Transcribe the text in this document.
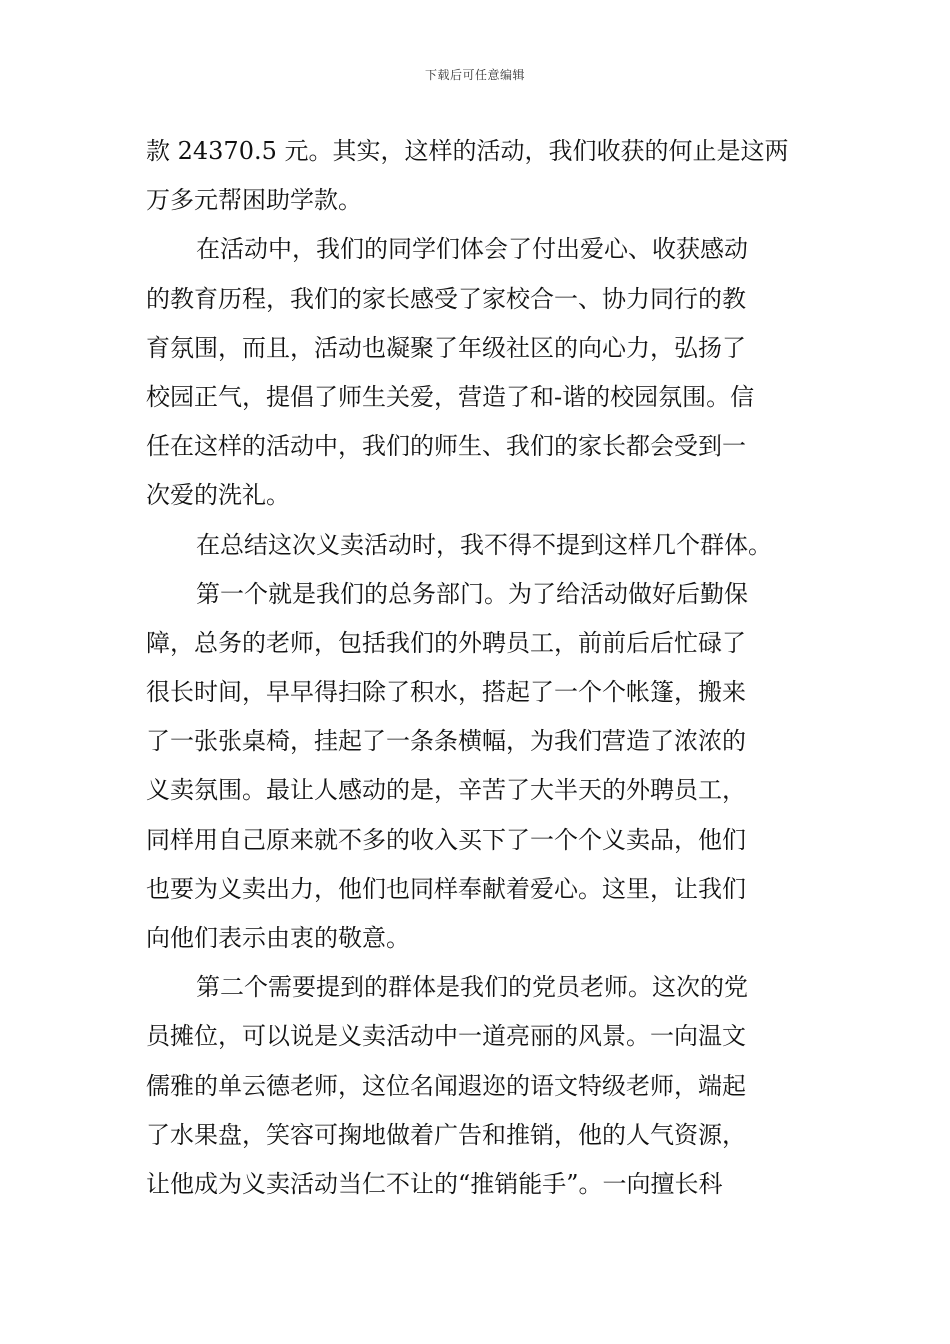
下载后可任意编辑
款 24370.5 元。其实，这样的活动，我们收获的何止是这两
万多元帮困助学款。
在活动中，我们的同学们体会了付出爱心、收获感动
的教育历程，我们的家长感受了家校合一、协力同行的教
育氛围，而且，活动也凝聚了年级社区的向心力，弘扬了
校园正气，提倡了师生关爱，营造了和-谐的校园氛围。信
任在这样的活动中，我们的师生、我们的家长都会受到一
次爱的洗礼。
在总结这次义卖活动时，我不得不提到这样几个群体。
第一个就是我们的总务部门。为了给活动做好后勤保
障，总务的老师，包括我们的外聘员工，前前后后忙碌了
很长时间，早早得扫除了积水，搭起了一个个帐篷，搬来
了一张张桌椅，挂起了一条条横幅，为我们营造了浓浓的
义卖氛围。最让人感动的是，辛苦了大半天的外聘员工，
同样用自己原来就不多的收入买下了一个个义卖品，他们
也要为义卖出力，他们也同样奉献着爱心。这里，让我们
向他们表示由衷的敬意。
第二个需要提到的群体是我们的党员老师。这次的党
员摊位，可以说是义卖活动中一道亮丽的风景。一向温文
儒雅的单云德老师，这位名闻遐迩的语文特级老师，端起
了水果盘，笑容可掬地做着广告和推销，他的人气资源，
让他成为义卖活动当仁不让的“推销能手”。一向擅长科
